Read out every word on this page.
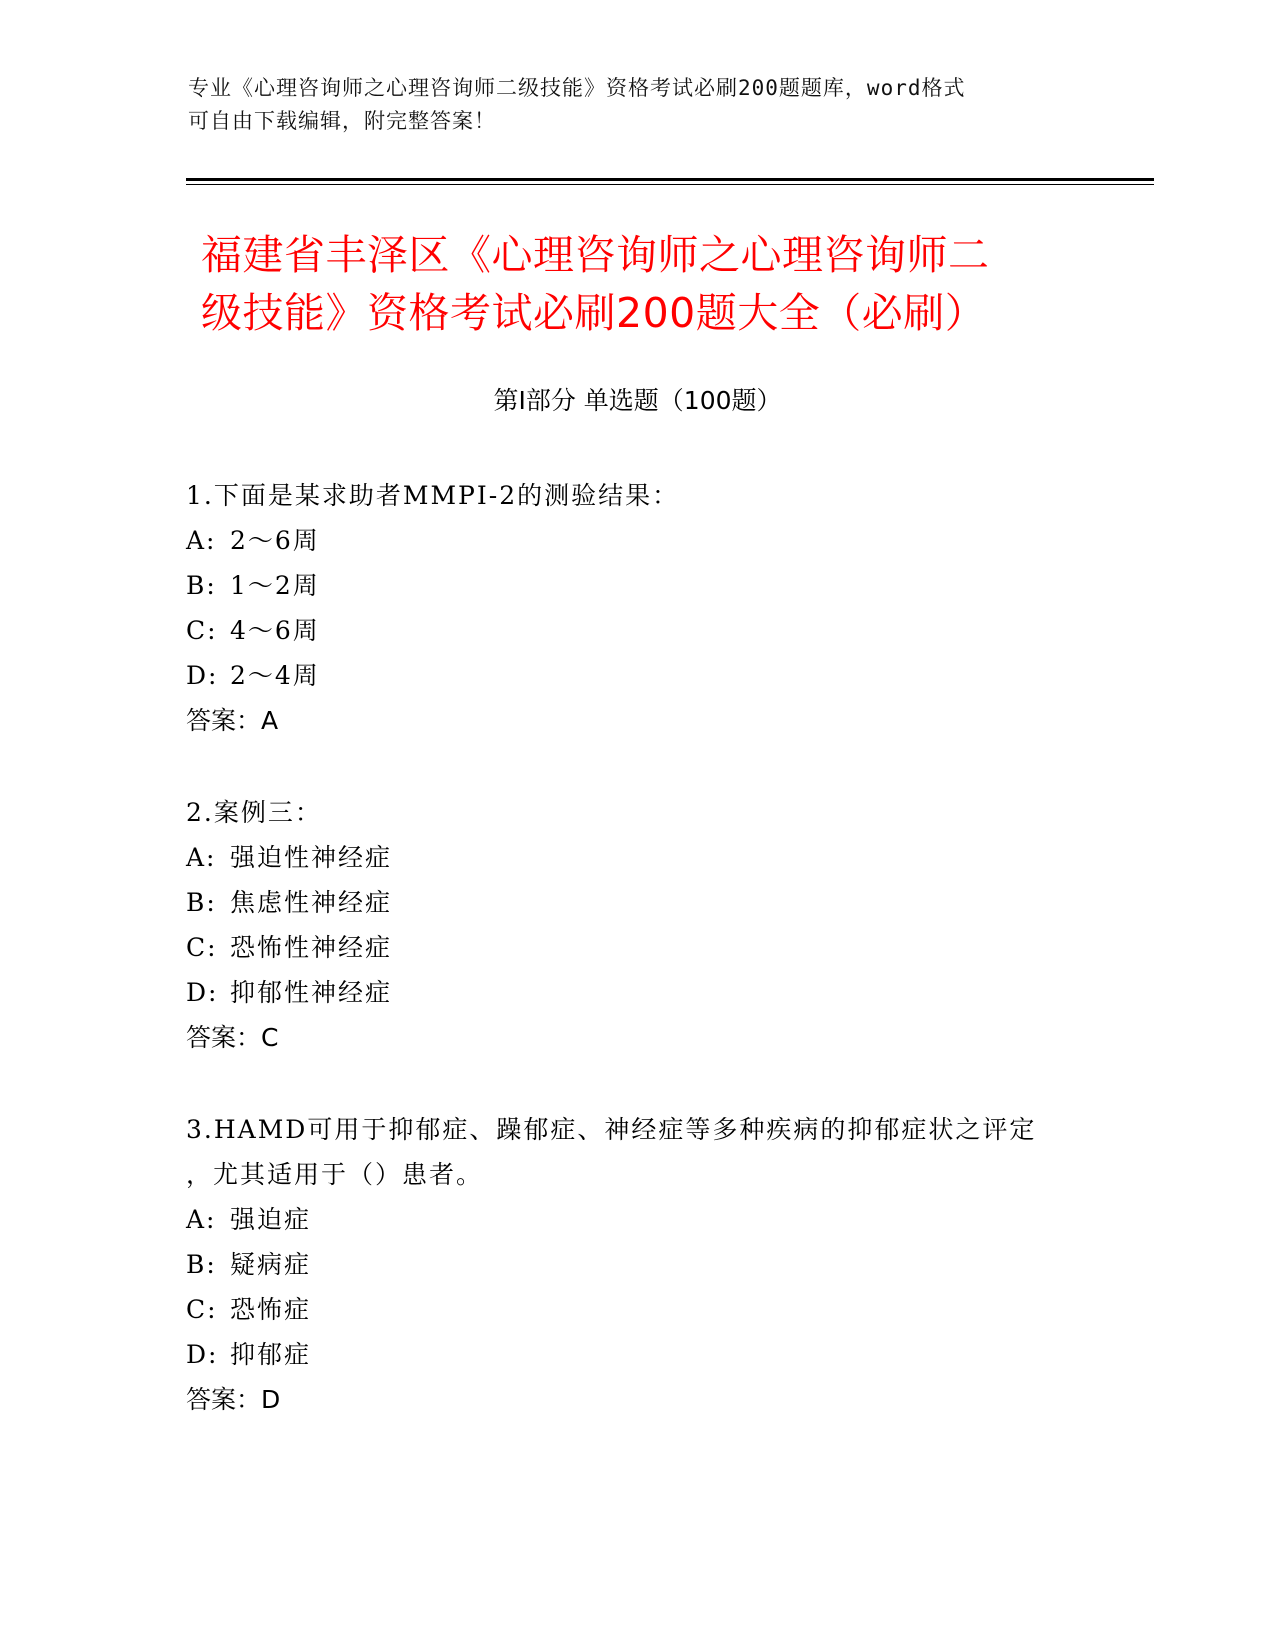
专业《心理咨询师之心理咨询师二级技能》资格考试必刷200题题库，word格式
可自由下载编辑，附完整答案！
福建省丰泽区《心理咨询师之心理咨询师二
级技能》资格考试必刷200题大全（必刷）
第Ⅰ部分 单选题（100题）
1.下面是某求助者MMPI-2的测验结果：
A: 2～6周
B: 1～2周
C: 4～6周
D: 2～4周
答案：A
2.案例三：
A: 强迫性神经症
B: 焦虑性神经症
C: 恐怖性神经症
D: 抑郁性神经症
答案：C
3.HAMD可用于抑郁症、躁郁症、神经症等多种疾病的抑郁症状之评定
，尤其适用于（）患者。
A: 强迫症
B: 疑病症
C: 恐怖症
D: 抑郁症
答案：D
